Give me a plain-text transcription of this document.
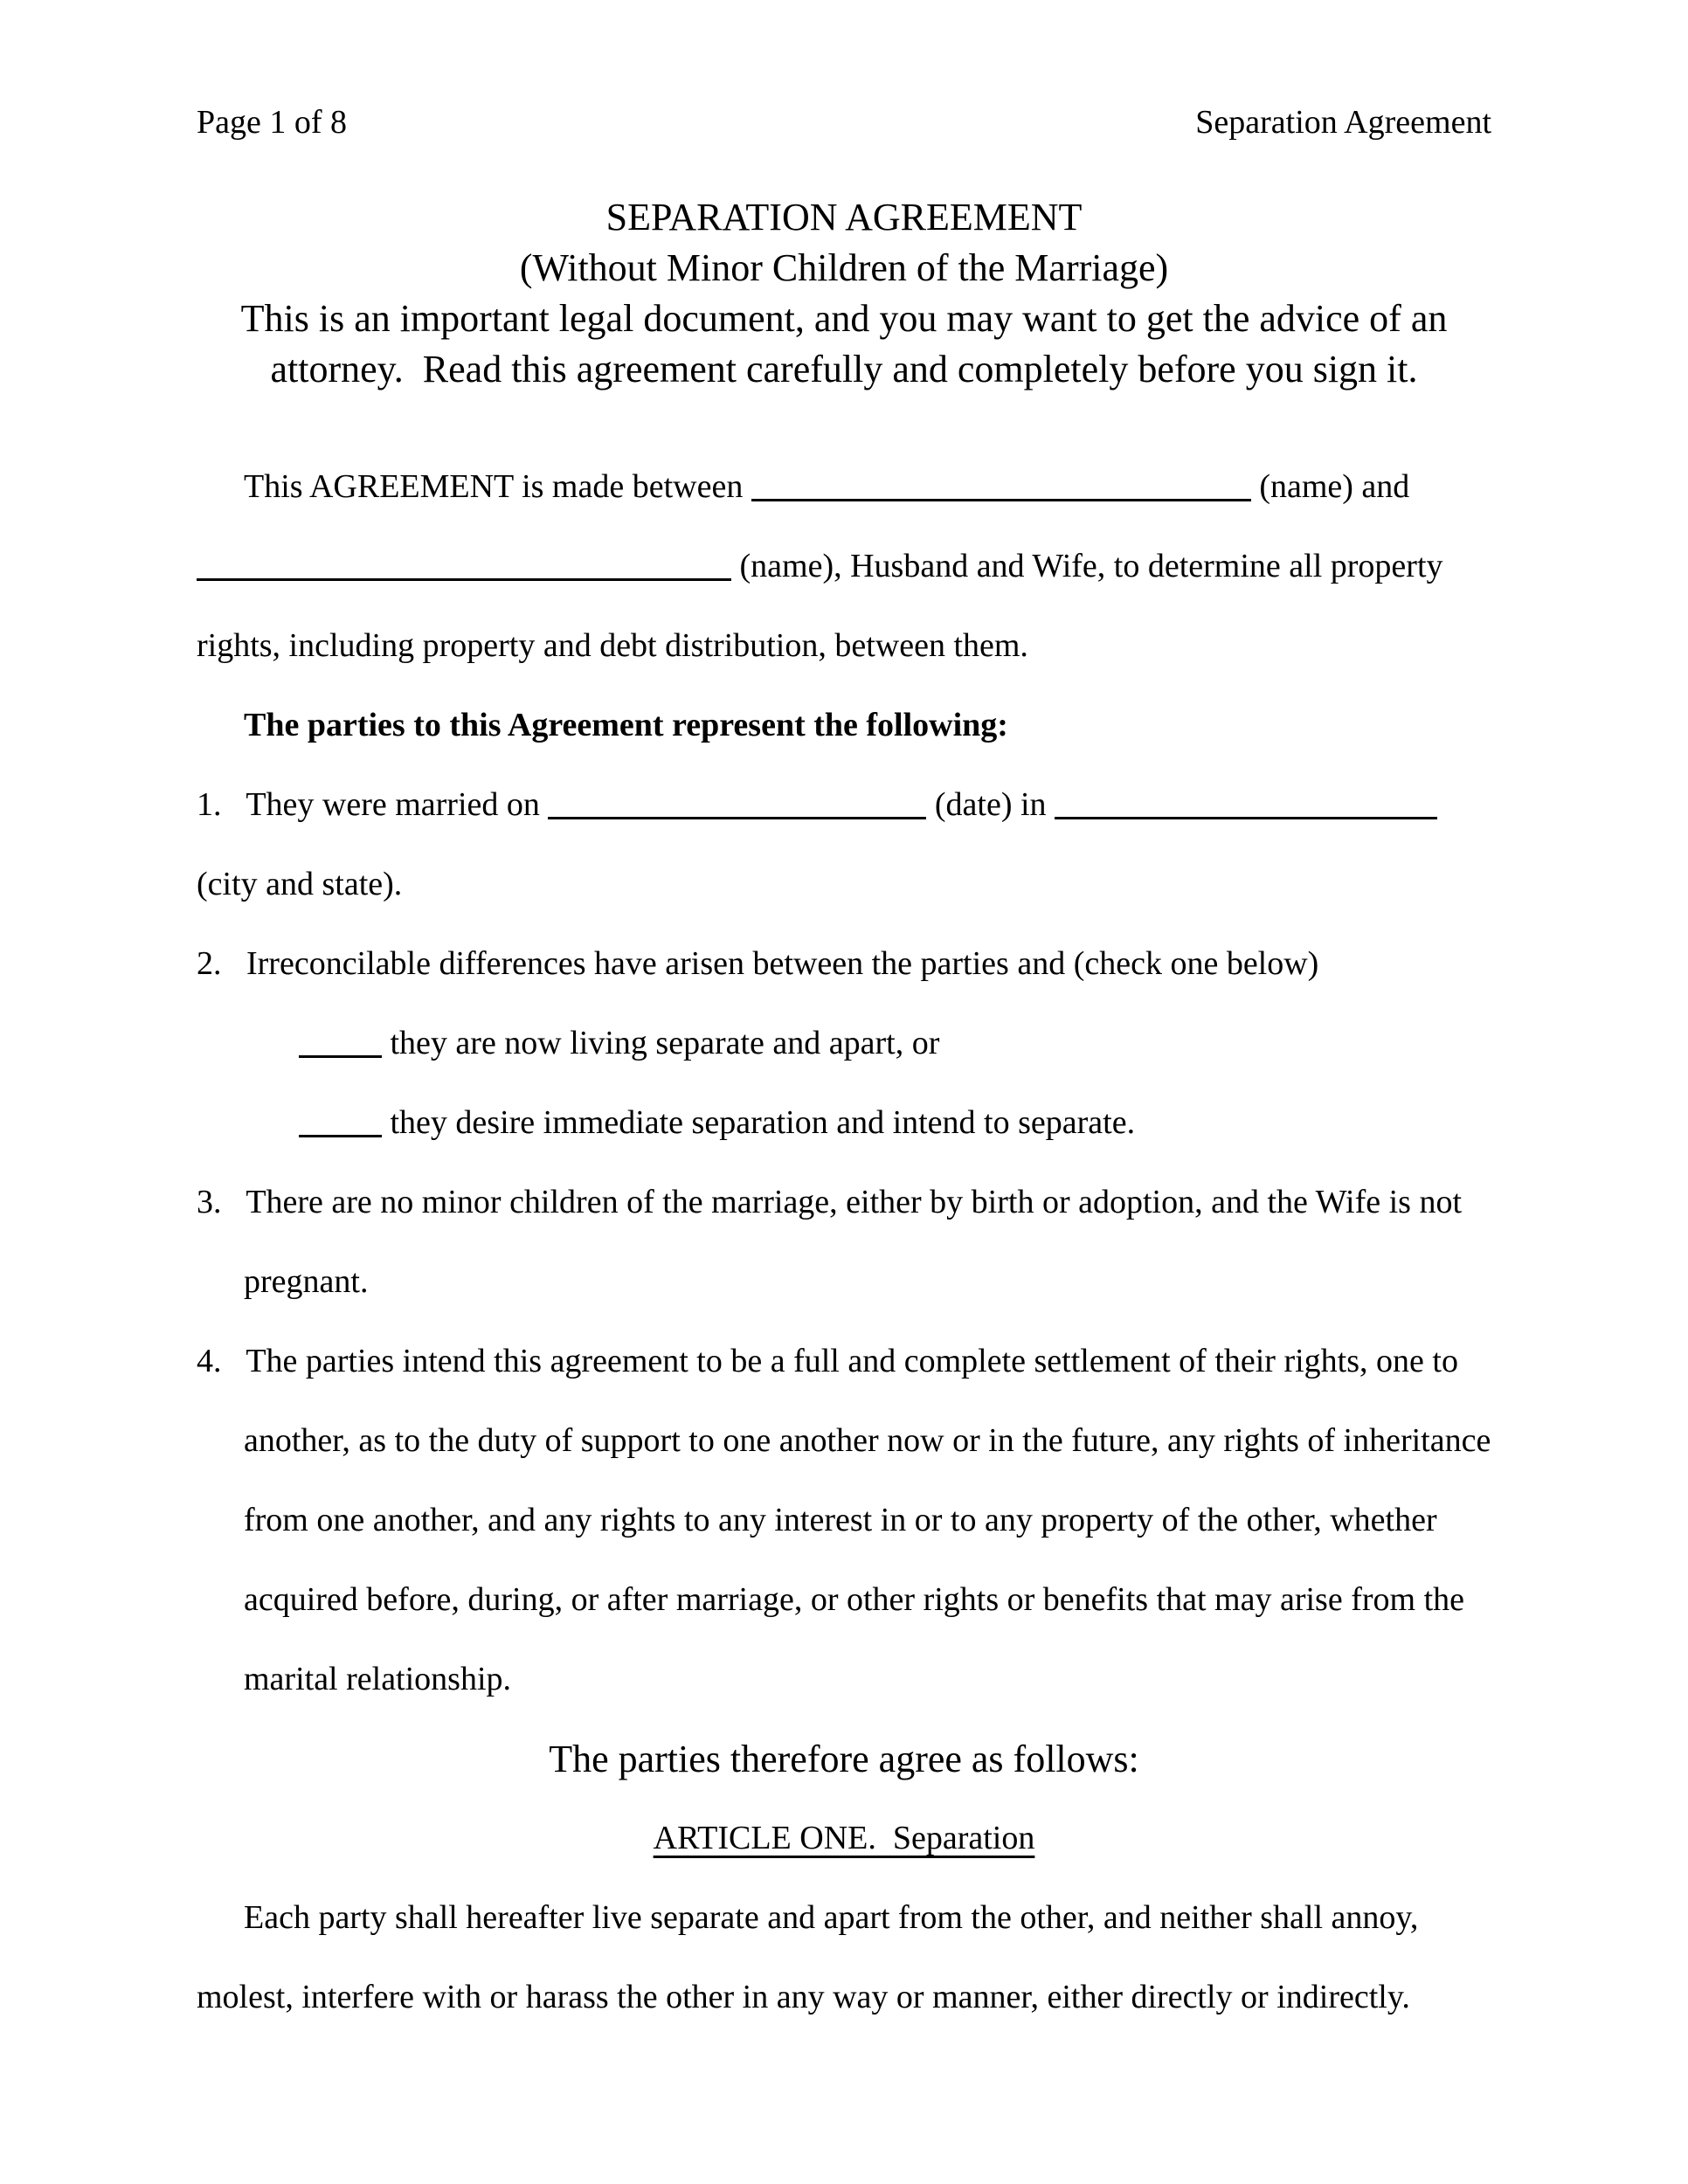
Page 1 of 8	Separation Agreement
SEPARATION AGREEMENT
(Without Minor Children of the Marriage)
This is an important legal document, and you may want to get the advice of an
attorney.  Read this agreement carefully and completely before you sign it.
This AGREEMENT is made between	(name) and
(name), Husband and Wife, to determine all property
rights, including property and debt distribution, between them.
The parties to this Agreement represent the following:
1.   They were married on	(date) in
(city and state).
2.   Irreconcilable differences have arisen between the parties and (check one below)
they are now living separate and apart, or
they desire immediate separation and intend to separate.
3.   There are no minor children of the marriage, either by birth or adoption, and the Wife is not
pregnant.
4.   The parties intend this agreement to be a full and complete settlement of their rights, one to
another, as to the duty of support to one another now or in the future, any rights of inheritance
from one another, and any rights to any interest in or to any property of the other, whether
acquired before, during, or after marriage, or other rights or benefits that may arise from the
marital relationship.
The parties therefore agree as follows:
ARTICLE ONE.  Separation
Each party shall hereafter live separate and apart from the other, and neither shall annoy,
molest, interfere with or harass the other in any way or manner, either directly or indirectly.
